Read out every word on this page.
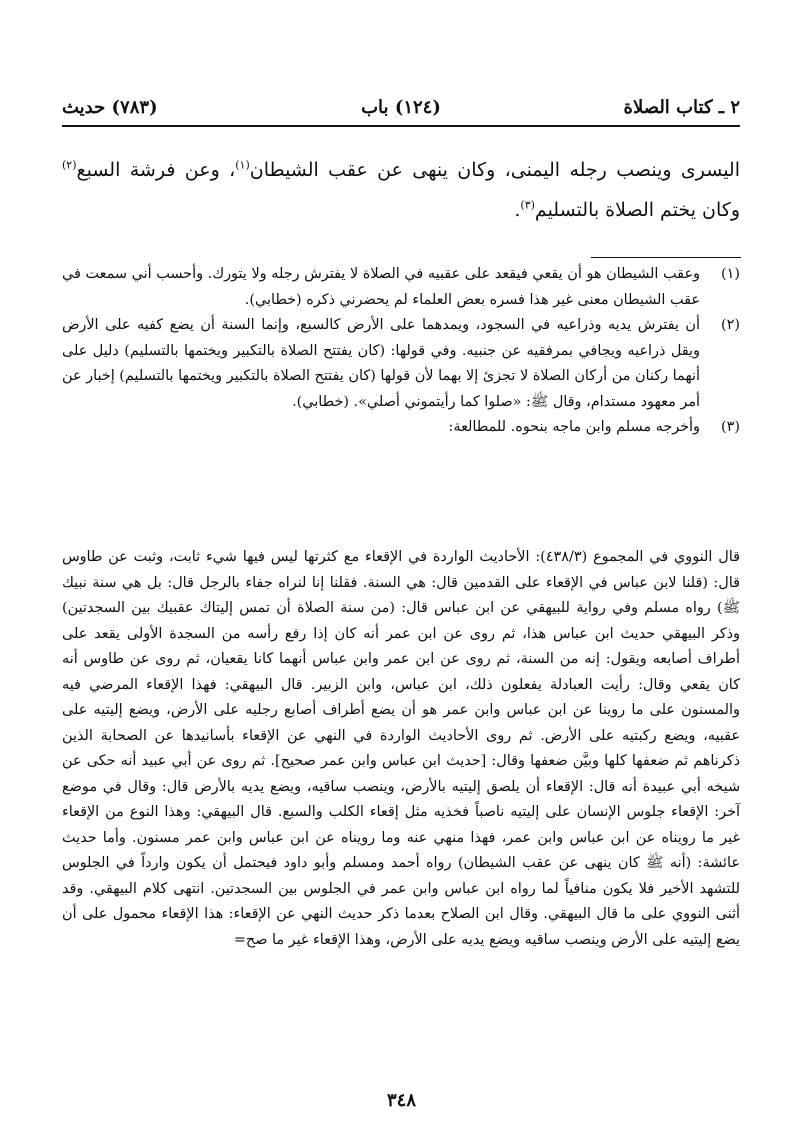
٢ ـ كتاب الصلاة
(١٢٤) باب
(٧٨٣) حديث
اليسرى وينصب رجله اليمنى، وكان ينهى عن عقب الشيطان$^{(١)}$، وعن فرشة السبع$^{(٢)}$ وكان يختم الصلاة بالتسليم$^{(٣)}$.
(١)
وعقب الشيطان هو أن يقعي فيقعد على عقبيه في الصلاة لا يفترش رجله ولا يتورك. وأحسب أني سمعت في عقب الشيطان معنى غير هذا فسره بعض العلماء لم يحضرني ذكره (خطابي).
(٢)
أن يفترش يديه وذراعيه في السجود، ويمدهما على الأرض كالسبع، وإنما السنة أن يضع كفيه على الأرض ويقل ذراعيه ويجافي بمرفقيه عن جنبيه. وفي قولها: (كان يفتتح الصلاة بالتكبير ويختمها بالتسليم) دليل على أنهما ركنان من أركان الصلاة لا تجزئ إلا بهما لأن قولها (كان يفتتح الصلاة بالتكبير ويختمها بالتسليم) إخبار عن أمر معهود مستدام، وقال ﷺ: «صلوا كما رأيتموني أصلي». (خطابي).
(٣)
وأخرجه مسلم وابن ماجه بنحوه. للمطالعة:
قال النووي في المجموع (٤٣٨/٣): الأحاديث الواردة في الإقعاء مع كثرتها ليس فيها شيء ثابت، وثبت عن طاوس قال: (قلنا لابن عباس في الإقعاء على القدمين قال: هي السنة. فقلنا إنا لنراه جفاء بالرجل قال: بل هي سنة نبيك ﷺ) رواه مسلم وفي رواية للبيهقي عن ابن عباس قال: (من سنة الصلاة أن تمس إليتاك عقبيك بين السجدتين) وذكر البيهقي حديث ابن عباس هذا، ثم روى عن ابن عمر أنه كان إذا رفع رأسه من السجدة الأولى يقعد على أطراف أصابعه ويقول: إنه من السنة، ثم روى عن ابن عمر وابن عباس أنهما كانا يقعيان، ثم روى عن طاوس أنه كان يقعي وقال: رأيت العبادلة يفعلون ذلك، ابن عباس، وابن الزبير. قال البيهقي: فهذا الإقعاء المرضي فيه والمسنون على ما روينا عن ابن عباس وابن عمر هو أن يضع أطراف أصابع رجليه على الأرض، ويضع إليتيه على عقبيه، ويضع ركبتيه على الأرض. ثم روى الأحاديث الواردة في النهي عن الإقعاء بأسانيدها عن الصحابة الذين ذكرناهم ثم ضعفها كلها وبيَّن ضعفها وقال: [حديث ابن عباس وابن عمر صحيح]. ثم روى عن أبي عبيد أنه حكى عن شيخه أبي عبيدة أنه قال: الإقعاء أن يلصق إليتيه بالأرض، وينصب ساقيه، ويضع يديه بالأرض قال: وقال في موضع آخر: الإقعاء جلوس الإنسان على إليتيه ناصباً فخذيه مثل إقعاء الكلب والسبع. قال البيهقي: وهذا النوع من الإقعاء غير ما رويناه عن ابن عباس وابن عمر، فهذا منهي عنه وما رويناه عن ابن عباس وابن عمر مسنون. وأما حديث عائشة: (أنه ﷺ كان ينهى عن عقب الشيطان) رواه أحمد ومسلم وأبو داود فيحتمل أن يكون وارداً في الجلوس للتشهد الأخير فلا يكون منافياً لما رواه ابن عباس وابن عمر في الجلوس بين السجدتين. انتهى كلام البيهقي. وقد أثنى النووي على ما قال البيهقي. وقال ابن الصلاح بعدما ذكر حديث النهي عن الإقعاء: هذا الإقعاء محمول على أن يضع إليتيه على الأرض وينصب ساقيه ويضع يديه على الأرض، وهذا الإقعاء غير ما صح=
٣٤٨
